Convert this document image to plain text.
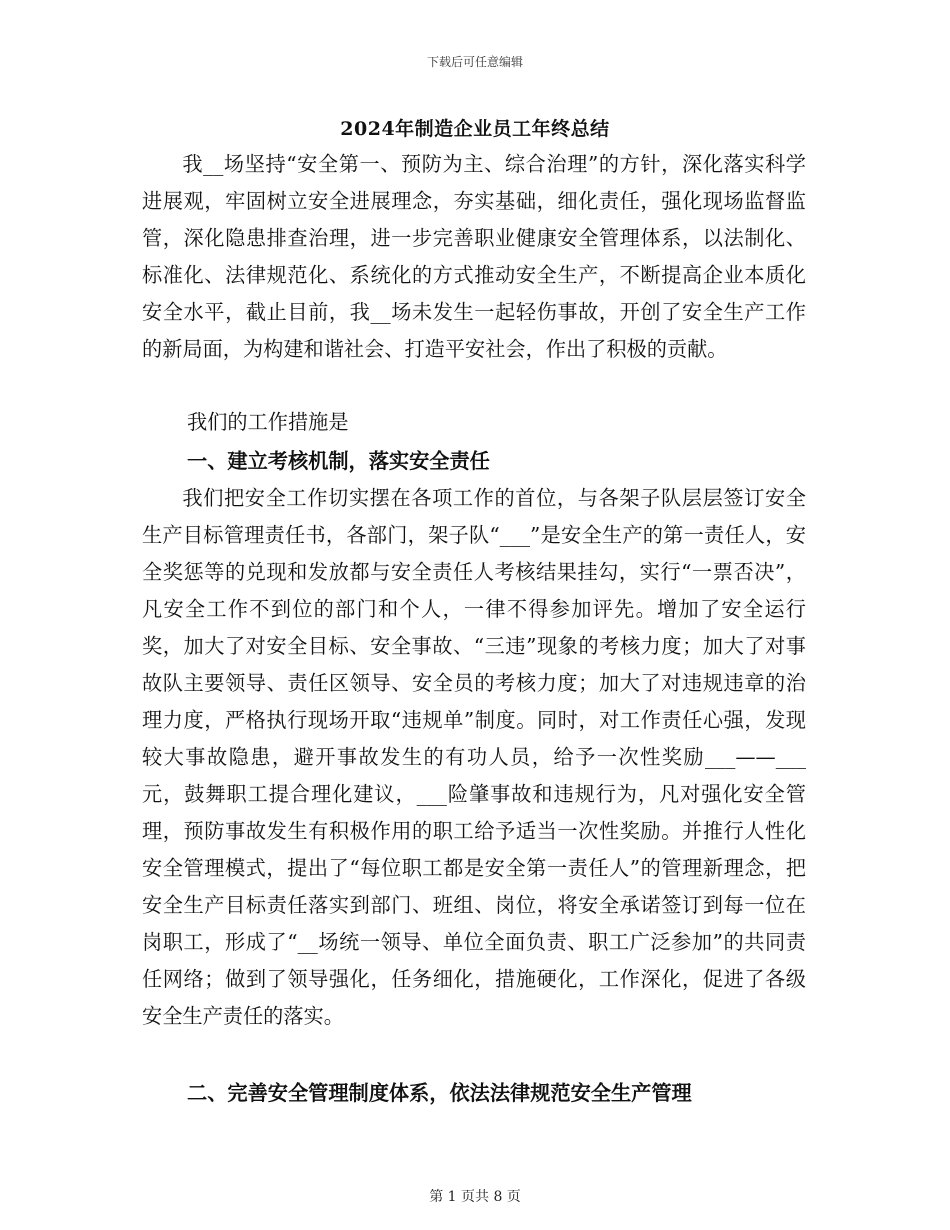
下载后可任意编辑
2024年制造企业员工年终总结

我__场坚持“安全第一、预防为主、综合治理”的方针，深化落实科学进展观，牢固树立安全进展理念，夯实基础，细化责任，强化现场监督监管，深化隐患排查治理，进一步完善职业健康安全管理体系，以法制化、标准化、法律规范化、系统化的方式推动安全生产，不断提高企业本质化安全水平，截止目前，我__场未发生一起轻伤事故，开创了安全生产工作的新局面，为构建和谐社会、打造平安社会，作出了积极的贡献。

我们的工作措施是

一、建立考核机制，落实安全责任

我们把安全工作切实摆在各项工作的首位，与各架子队层层签订安全生产目标管理责任书，各部门，架子队“___”是安全生产的第一责任人，安全奖惩等的兑现和发放都与安全责任人考核结果挂勾，实行“一票否决”，凡安全工作不到位的部门和个人，一律不得参加评先。增加了安全运行奖，加大了对安全目标、安全事故、“三违”现象的考核力度；加大了对事故队主要领导、责任区领导、安全员的考核力度；加大了对违规违章的治理力度，严格执行现场开取“违规单”制度。同时，对工作责任心强，发现较大事故隐患，避开事故发生的有功人员，给予一次性奖励___——___元，鼓舞职工提合理化建议，___险肇事故和违规行为，凡对强化安全管理，预防事故发生有积极作用的职工给予适当一次性奖励。并推行人性化安全管理模式，提出了“每位职工都是安全第一责任人”的管理新理念，把安全生产目标责任落实到部门、班组、岗位，将安全承诺签订到每一位在岗职工，形成了“__场统一领导、单位全面负责、职工广泛参加”的共同责任网络；做到了领导强化，任务细化，措施硬化，工作深化，促进了各级安全生产责任的落实。

二、完善安全管理制度体系，依法法律规范安全生产管理

第 1 页共 8 页
